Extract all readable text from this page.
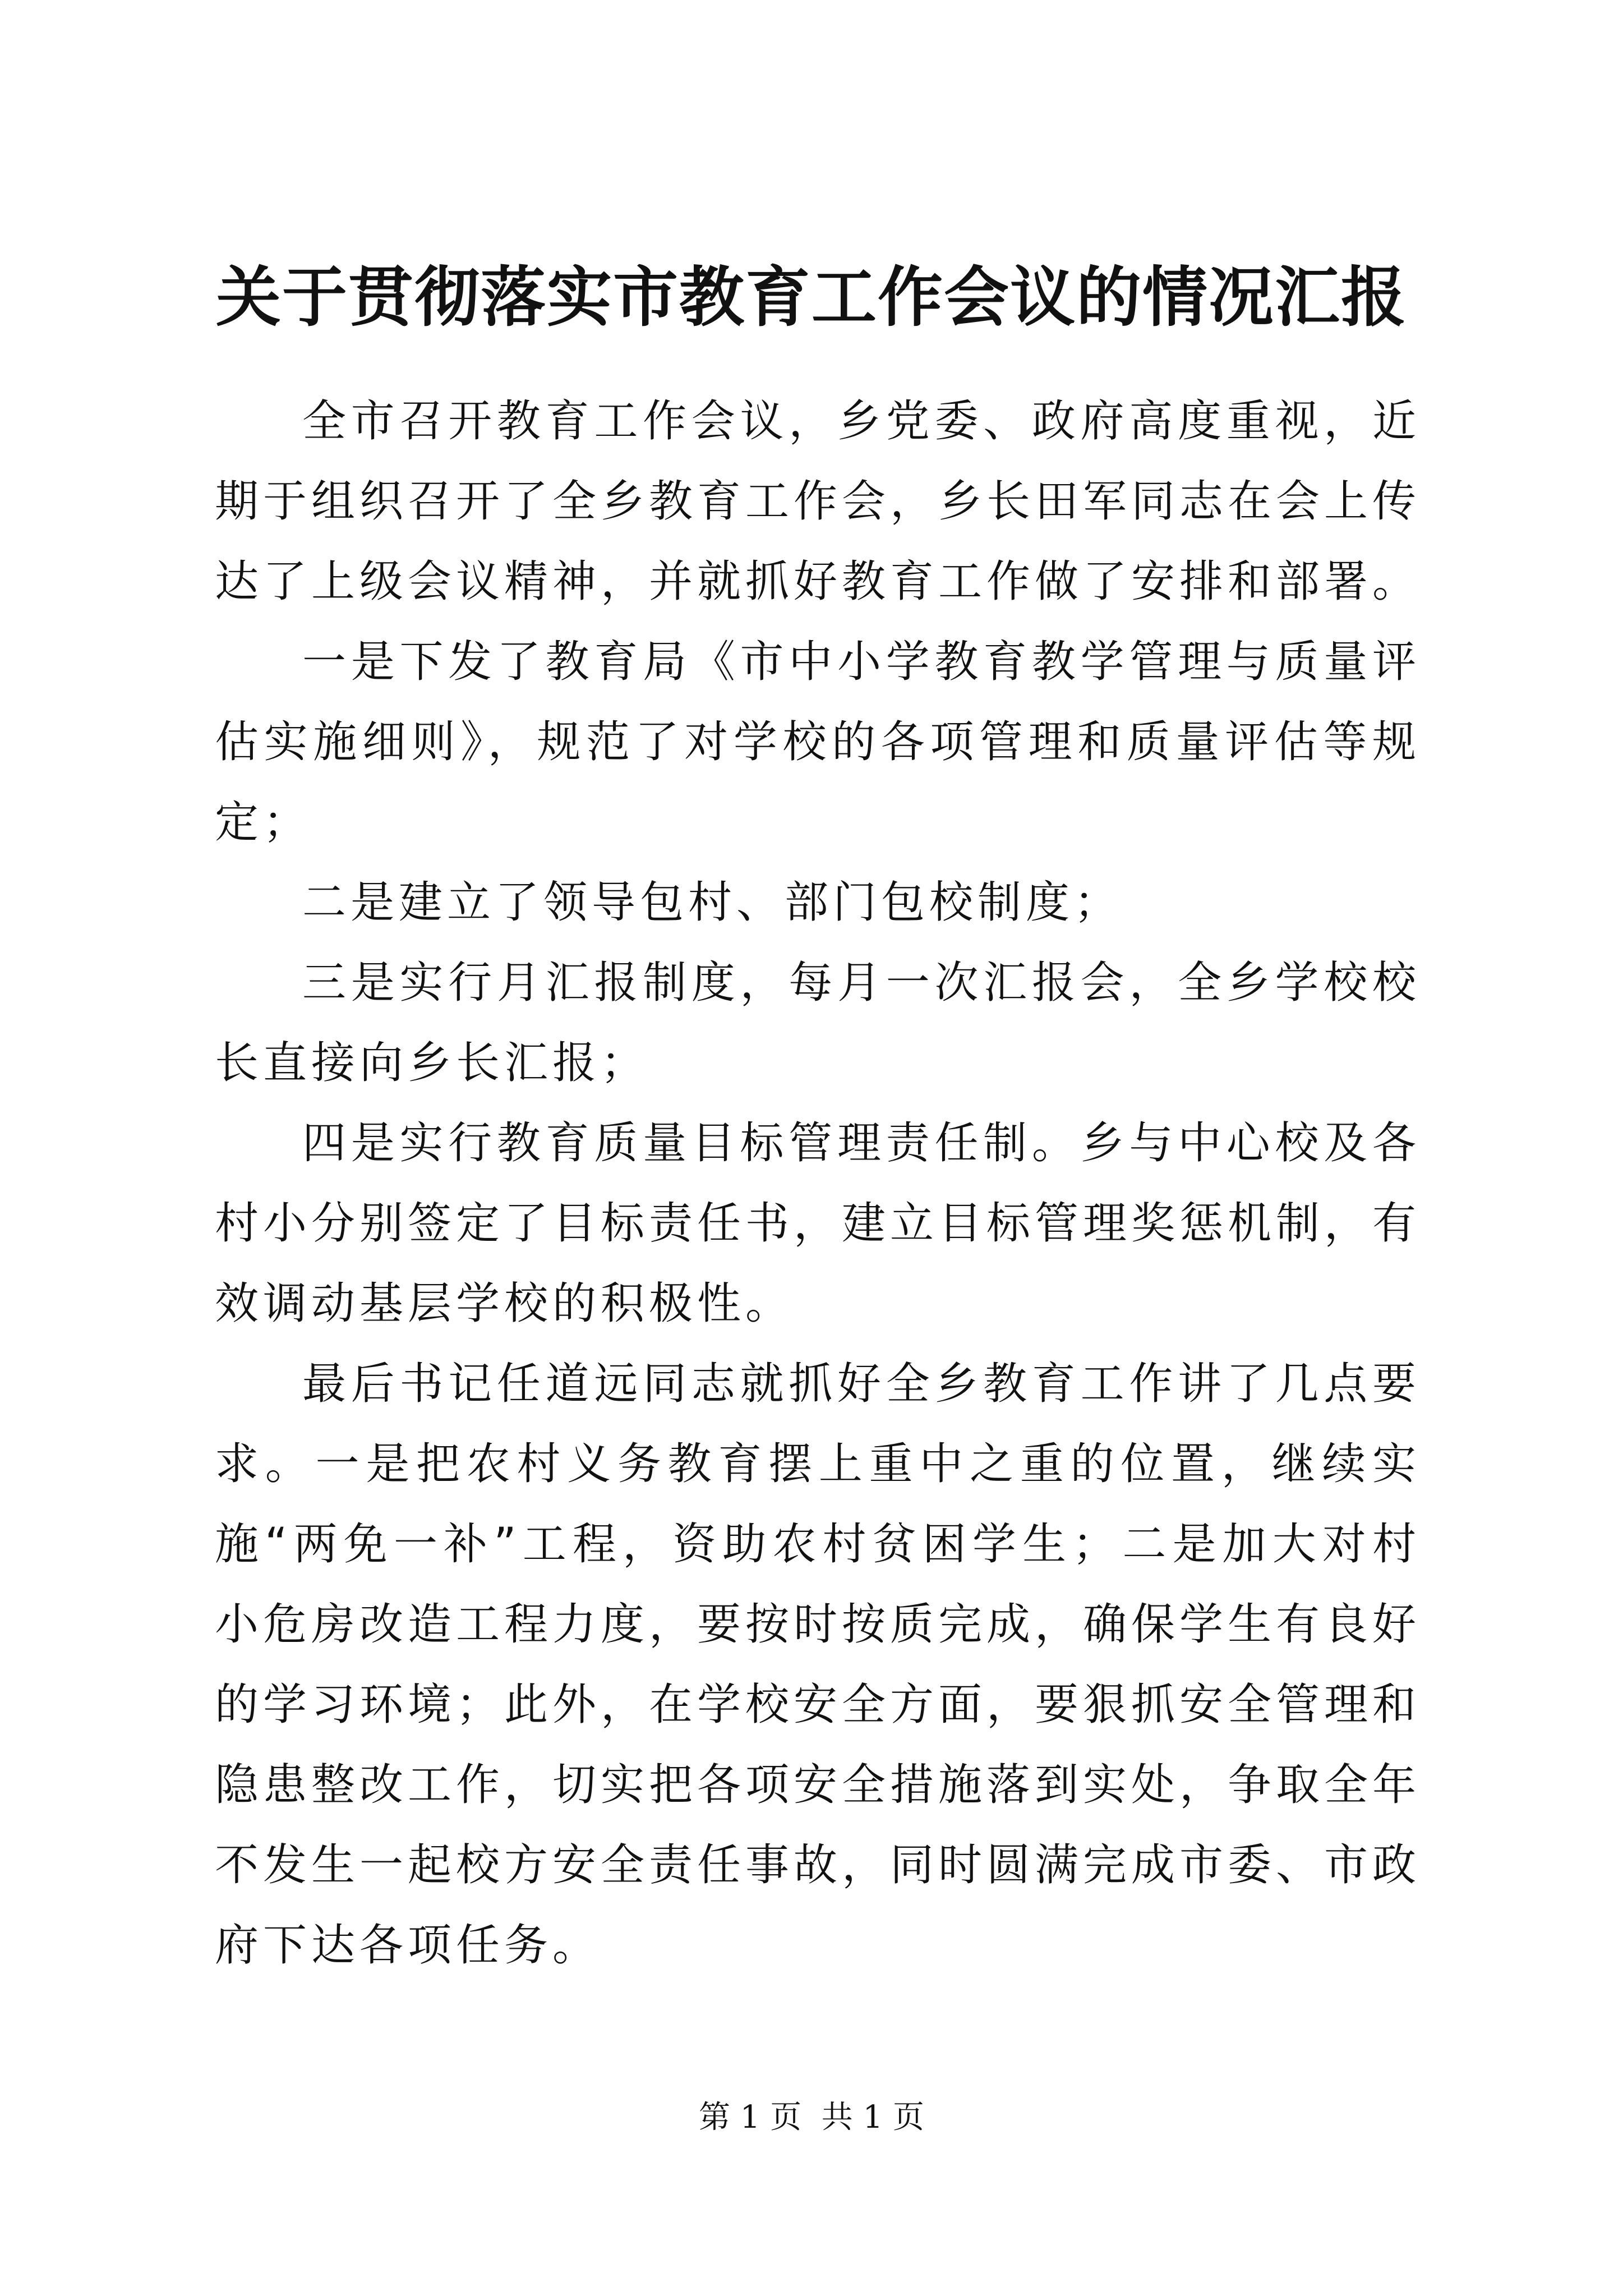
关于贯彻落实市教育工作会议的情况汇报

全市召开教育工作会议，乡党委、政府高度重视，近期于组织召开了全乡教育工作会，乡长田军同志在会上传达了上级会议精神，并就抓好教育工作做了安排和部署。

一是下发了教育局《市中小学教育教学管理与质量评估实施细则》，规范了对学校的各项管理和质量评估等规定；

二是建立了领导包村、部门包校制度；

三是实行月汇报制度，每月一次汇报会，全乡学校校长直接向乡长汇报；

四是实行教育质量目标管理责任制。乡与中心校及各村小分别签定了目标责任书，建立目标管理奖惩机制，有效调动基层学校的积极性。

最后书记任道远同志就抓好全乡教育工作讲了几点要求。一是把农村义务教育摆上重中之重的位置，继续实施“两免一补”工程，资助农村贫困学生；二是加大对村小危房改造工程力度，要按时按质完成，确保学生有良好的学习环境；此外，在学校安全方面，要狠抓安全管理和隐患整改工作，切实把各项安全措施落到实处，争取全年不发生一起校方安全责任事故，同时圆满完成市委、市政府下达各项任务。

第 1 页  共 1 页
